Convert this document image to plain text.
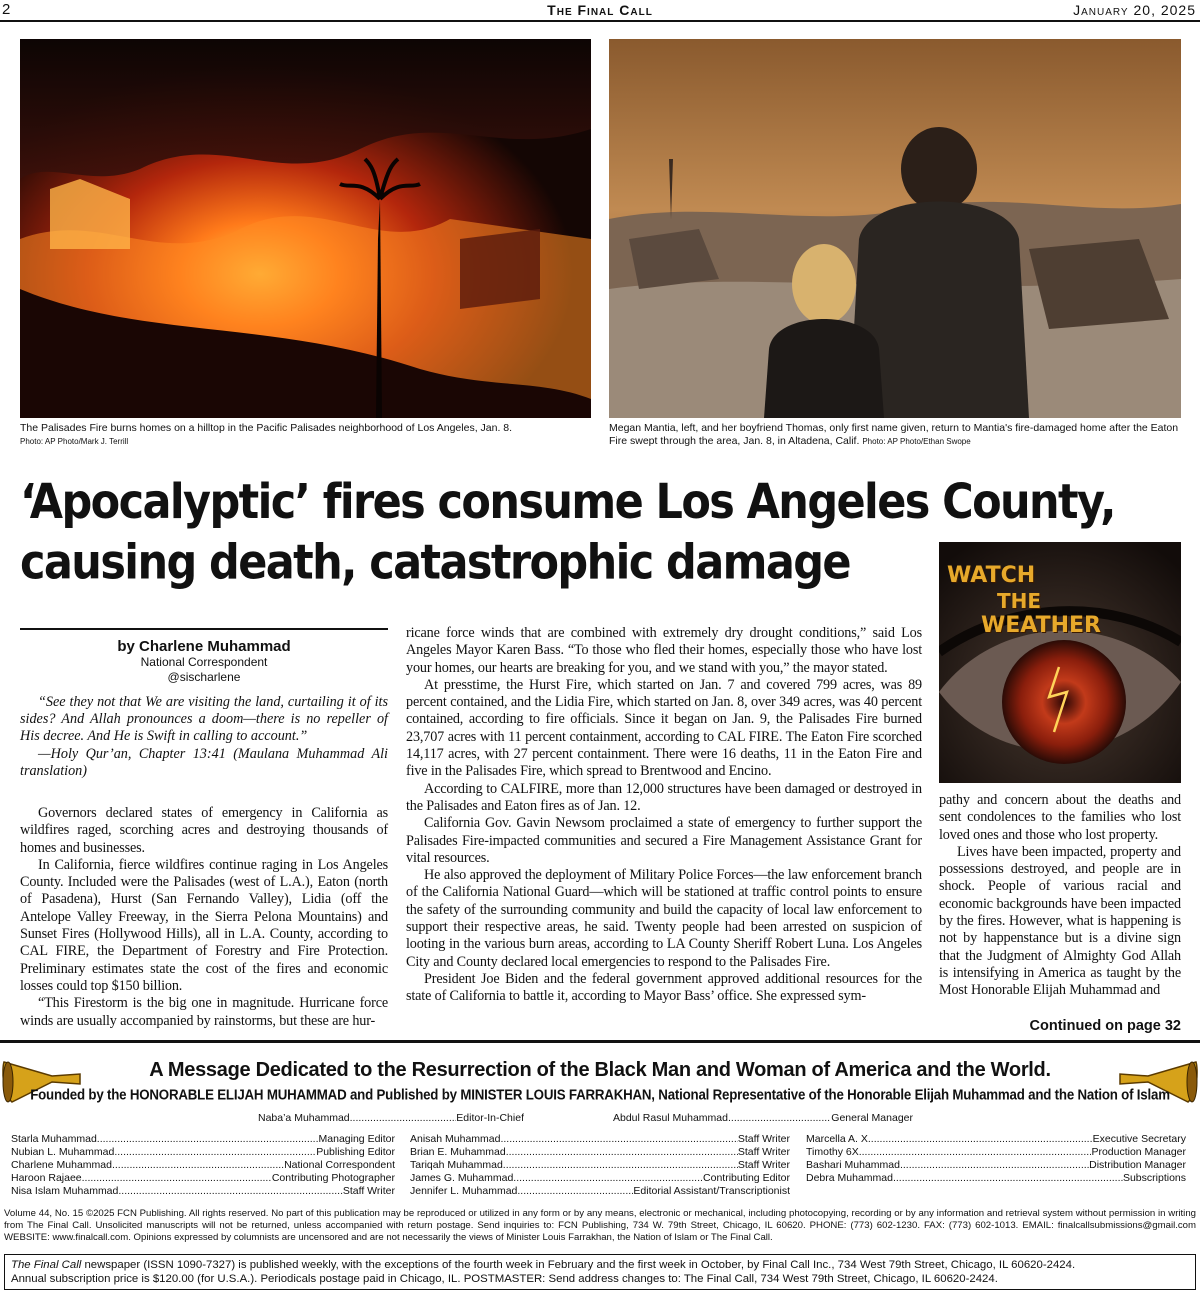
2	The Final Call	January 20, 2025
The Palisades Fire burns homes on a hilltop in the Pacific Palisades neighborhood of Los Angeles, Jan. 8.
Photo: AP Photo/Mark J. Terrill
Megan Mantia, left, and her boyfriend Thomas, only first name given, return to Mantia's fire-damaged home after the Eaton Fire swept through the area, Jan. 8, in Altadena, Calif. Photo: AP Photo/Ethan Swope
‘Apocalyptic’ fires consume Los Angeles County,
causing death, catastrophic damage	WATCH
THE
WEATHER
by Charlene Muhammad
National Correspondent
@sischarlene

“See they not that We are visiting the land, curtailing it of its sides? And Allah pronounces a doom—there is no repeller of His decree. And He is Swift in calling to account.”

—Holy Qur’an, Chapter 13:41 (Maulana Muhammad Ali translation)

Governors declared states of emergency in California as wildfires raged, scorching acres and destroying thousands of homes and businesses.

In California, fierce wildfires continue raging in Los Angeles County. Included were the Palisades (west of L.A.), Eaton (north of Pasadena), Hurst (San Fernando Valley), Lidia (off the Antelope Valley Freeway, in the Sierra Pelona Mountains) and Sunset Fires (Hollywood Hills), all in L.A. County, according to CAL FIRE, the Department of Forestry and Fire Protection. Preliminary estimates state the cost of the fires and economic losses could top $150 billion.

“This Firestorm is the big one in magnitude. Hurricane force winds are usually accompanied by rainstorms, but these are hur-

ricane force winds that are combined with extremely dry drought conditions,” said Los Angeles Mayor Karen Bass. “To those who fled their homes, especially those who have lost your homes, our hearts are breaking for you, and we stand with you,” the mayor stated.

At presstime, the Hurst Fire, which started on Jan. 7 and covered 799 acres, was 89 percent contained, and the Lidia Fire, which started on Jan. 8, over 349 acres, was 40 percent contained, according to fire officials. Since it began on Jan. 9, the Palisades Fire burned 23,707 acres with 11 percent containment, according to CAL FIRE. The Eaton Fire scorched 14,117 acres, with 27 percent containment. There were 16 deaths, 11 in the Eaton Fire and five in the Palisades Fire, which spread to Brentwood and Encino.

According to CALFIRE, more than 12,000 structures have been damaged or destroyed in the Palisades and Eaton fires as of Jan. 12.

California Gov. Gavin Newsom proclaimed a state of emergency to further support the Palisades Fire-impacted communities and secured a Fire Management Assistance Grant for vital resources.

He also approved the deployment of Military Police Forces—the law enforcement branch of the California National Guard—which will be stationed at traffic control points to ensure the safety of the surrounding community and build the capacity of local law enforcement to support their respective areas, he said. Twenty people had been arrested on suspicion of looting in the various burn areas, according to LA County Sheriff Robert Luna. Los Angeles City and County declared local emergencies to respond to the Palisades Fire.

President Joe Biden and the federal government approved additional resources for the state of California to battle it, according to Mayor Bass’ office. She expressed sym-

pathy and concern about the deaths and sent condolences to the families who lost loved ones and those who lost property.

Lives have been impacted, property and possessions destroyed, and people are in shock. People of various racial and economic backgrounds have been impacted by the fires. However, what is happening is not by happenstance but is a divine sign that the Judgment of Almighty God Allah is intensifying in America as taught by the Most Honorable Elijah Muhammad and

Continued on page 32
A Message Dedicated to the Resurrection of the Black Man and Woman of America and the World.
Founded by the HONORABLE ELIJAH MUHAMMAD and Published by MINISTER LOUIS FARRAKHAN, National Representative of the Honorable Elijah Muhammad and the Nation of Islam
Naba’a Muhammad .....	Editor-In-Chief	Abdul Rasul Muhammad .....	General Manager
Starla Muhammad .....	Managing Editor
Nubian L. Muhammad .....	Publishing Editor
Charlene Muhammad .....	National Correspondent
Haroon Rajaee .....	Contributing Photographer
Nisa Islam Muhammad .....	Staff Writer
Anisah Muhammad .....	Staff Writer
Brian E. Muhammad .....	Staff Writer
Tariqah Muhammad .....	Staff Writer
James G. Muhammad .....	Contributing Editor
Jennifer L. Muhammad .....	Editorial Assistant/Transcriptionist
Marcella A. X. .....	Executive Secretary
Timothy 6X .....	Production Manager
Bashari Muhammad .....	Distribution Manager
Debra Muhammad .....	Subscriptions
Volume 44, No. 15 ©2025 FCN Publishing. All rights reserved. No part of this publication may be reproduced or utilized in any form or by any means, electronic or mechanical, including photocopying, recording or by any information and retrieval system without permission in writing from The Final Call. Unsolicited manuscripts will not be returned, unless accompanied with return postage. Send inquiries to: FCN Publishing, 734 W. 79th Street, Chicago, IL 60620. PHONE: (773) 602-1230. FAX: (773) 602-1013. EMAIL: finalcallsubmissions@gmail.com WEBSITE: www.finalcall.com. Opinions expressed by columnists are uncensored and are not necessarily the views of Minister Louis Farrakhan, the Nation of Islam or The Final Call.
The Final Call newspaper (ISSN 1090-7327) is published weekly, with the exceptions of the fourth week in February and the first week in October, by Final Call Inc., 734 West 79th Street, Chicago, IL 60620-2424.
Annual subscription price is $120.00 (for U.S.A.). Periodicals postage paid in Chicago, IL. POSTMASTER: Send address changes to: The Final Call, 734 West 79th Street, Chicago, IL 60620-2424.
